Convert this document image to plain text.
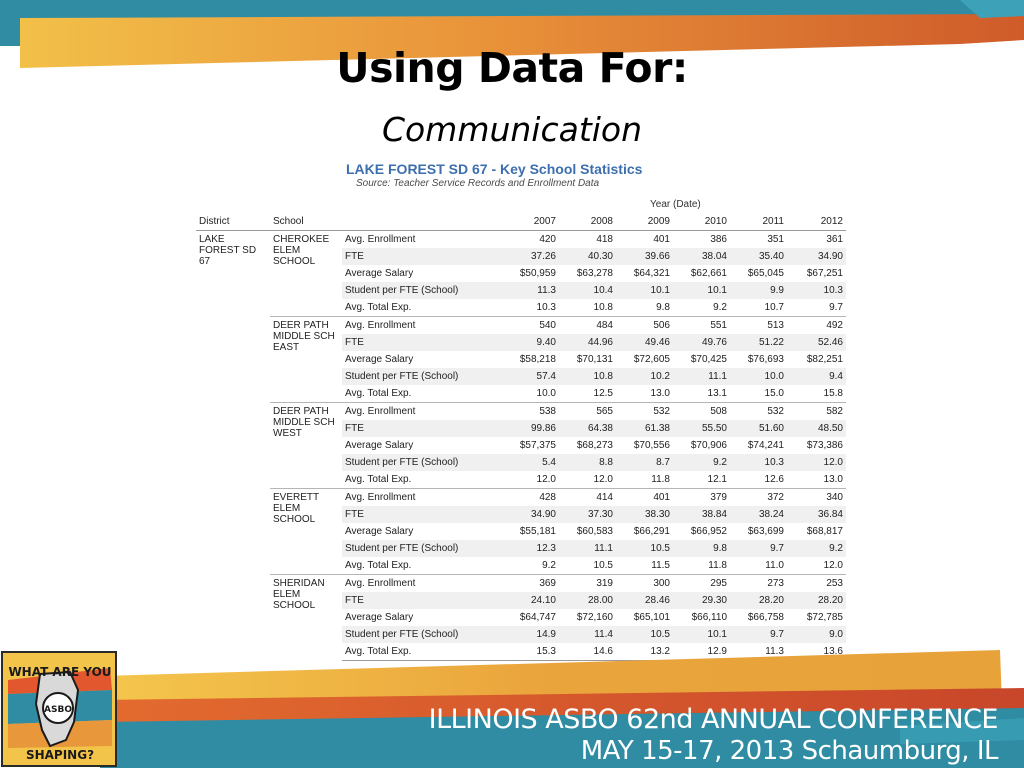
Using Data For:
Communication
LAKE FOREST SD 67 - Key School Statistics
Source: Teacher Service Records and Enrollment Data
Year (Date)
District	School		2007	2008	2009	2010	2011	2012
LAKE FOREST SD 67	CHEROKEE ELEM SCHOOL	Avg. Enrollment	420	418	401	386	351	361
		FTE	37.26	40.30	39.66	38.04	35.40	34.90
		Average Salary	$50,959	$63,278	$64,321	$62,661	$65,045	$67,251
		Student per FTE (School)	11.3	10.4	10.1	10.1	9.9	10.3
		Avg. Total Exp.	10.3	10.8	9.8	9.2	10.7	9.7
	DEER PATH MIDDLE SCH EAST	Avg. Enrollment	540	484	506	551	513	492
		FTE	9.40	44.96	49.46	49.76	51.22	52.46
		Average Salary	$58,218	$70,131	$72,605	$70,425	$76,693	$82,251
		Student per FTE (School)	57.4	10.8	10.2	11.1	10.0	9.4
		Avg. Total Exp.	10.0	12.5	13.0	13.1	15.0	15.8
	DEER PATH MIDDLE SCH WEST	Avg. Enrollment	538	565	532	508	532	582
		FTE	99.86	64.38	61.38	55.50	51.60	48.50
		Average Salary	$57,375	$68,273	$70,556	$70,906	$74,241	$73,386
		Student per FTE (School)	5.4	8.8	8.7	9.2	10.3	12.0
		Avg. Total Exp.	12.0	12.0	11.8	12.1	12.6	13.0
	EVERETT ELEM SCHOOL	Avg. Enrollment	428	414	401	379	372	340
		FTE	34.90	37.30	38.30	38.84	38.24	36.84
		Average Salary	$55,181	$60,583	$66,291	$66,952	$63,699	$68,817
		Student per FTE (School)	12.3	11.1	10.5	9.8	9.7	9.2
		Avg. Total Exp.	9.2	10.5	11.5	11.8	11.0	12.0
	SHERIDAN ELEM SCHOOL	Avg. Enrollment	369	319	300	295	273	253
		FTE	24.10	28.00	28.46	29.30	28.20	28.20
		Average Salary	$64,747	$72,160	$65,101	$66,110	$66,758	$72,785
		Student per FTE (School)	14.9	11.4	10.5	10.1	9.7	9.0
		Avg. Total Exp.	15.3	14.6	13.2	12.9	11.3	13.6
ILLINOIS ASBO 62nd ANNUAL CONFERENCE
MAY 15-17, 2013 Schaumburg, IL
ASBO
WHAT ARE YOU
SHAPING?
